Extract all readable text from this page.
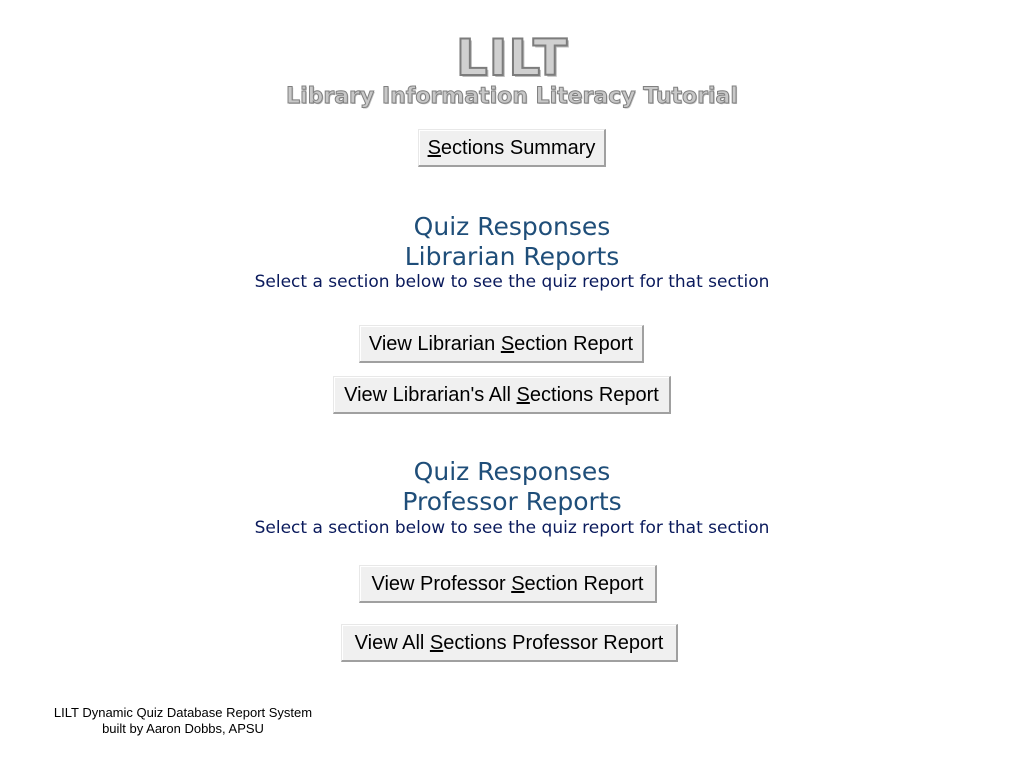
LILT
Library Information Literacy Tutorial
Sections Summary
Quiz Responses
Librarian Reports
Select a section below to see the quiz report for that section
View Librarian Section Report
View Librarian's All Sections Report
Quiz Responses
Professor Reports
Select a section below to see the quiz report for that section
View Professor Section Report
View All Sections Professor Report
LILT Dynamic Quiz Database Report System
built by Aaron Dobbs, APSU
